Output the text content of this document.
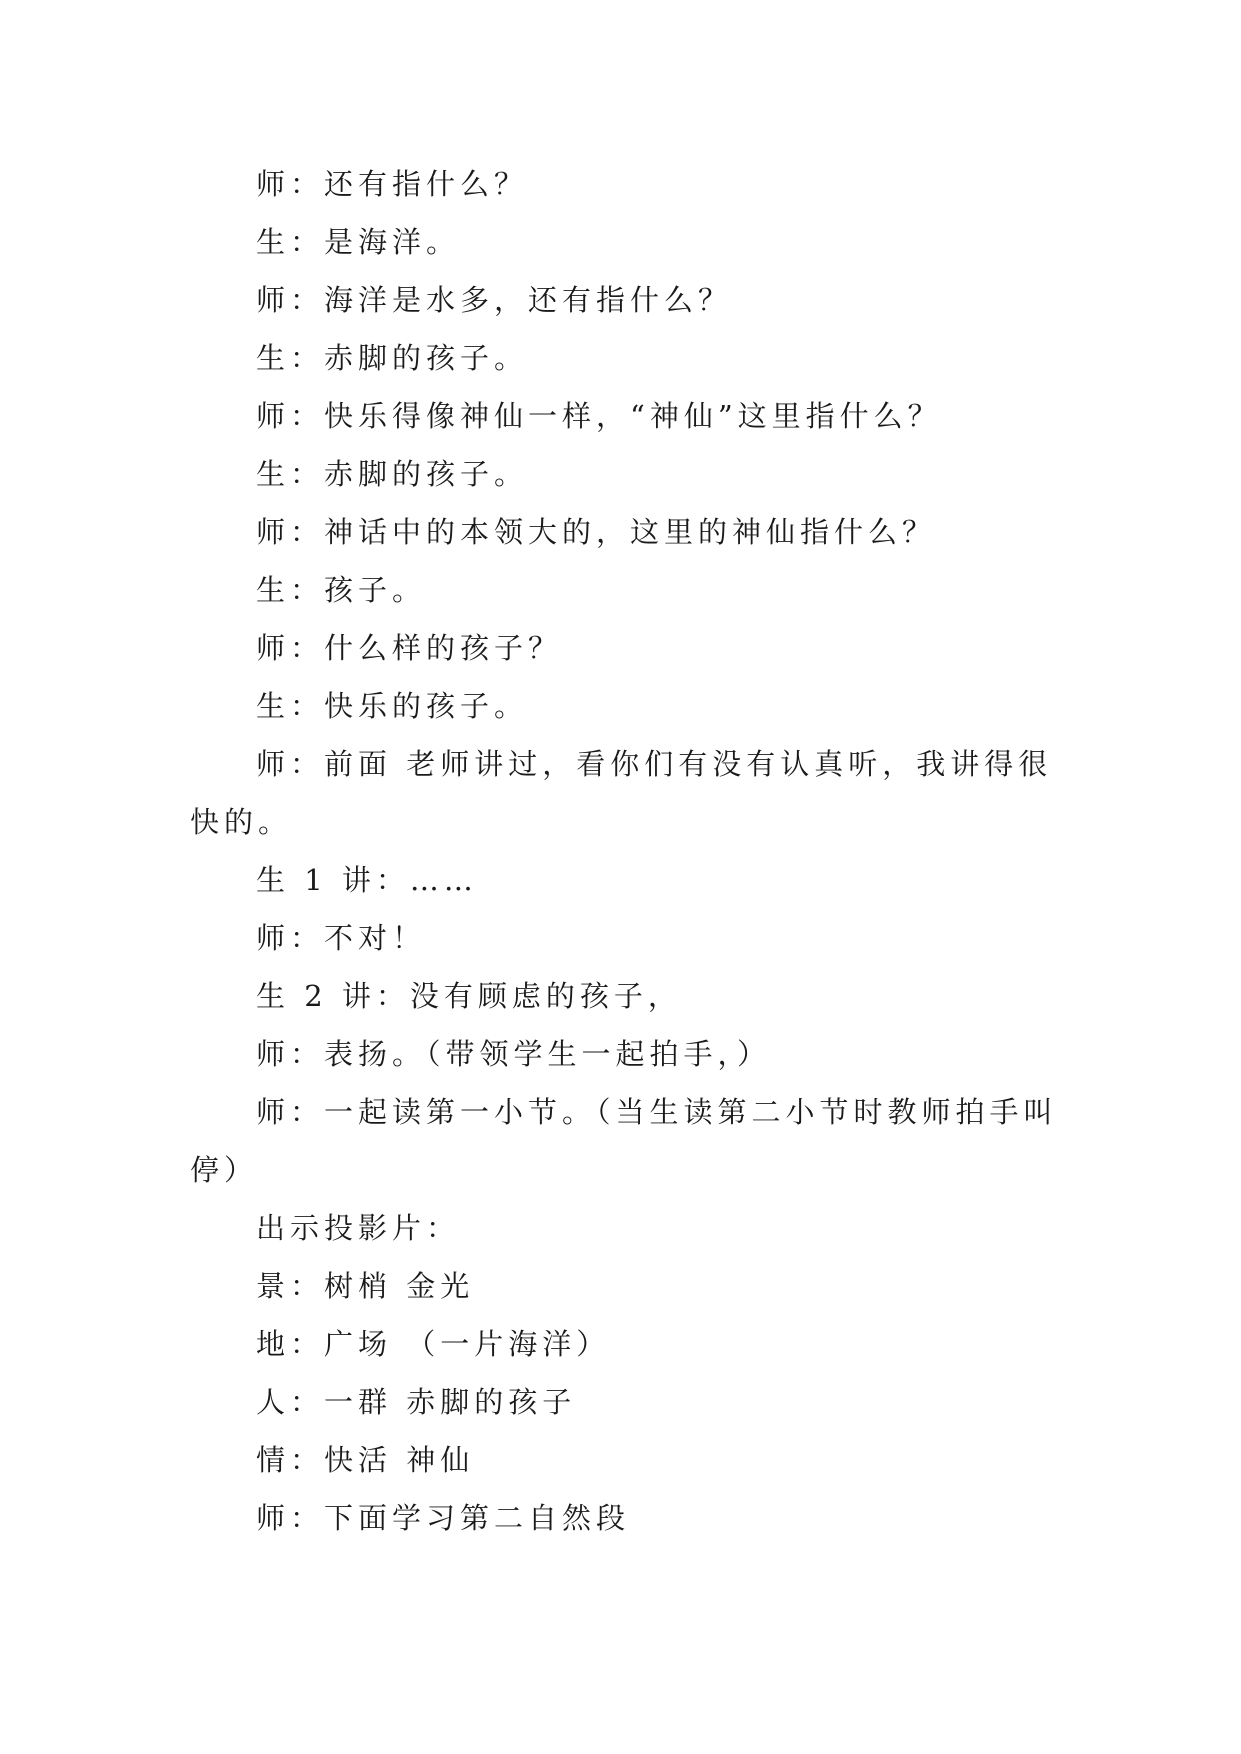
师：还有指什么？

生：是海洋。

师：海洋是水多，还有指什么？

生：赤脚的孩子。

师：快乐得像神仙一样，“神仙”这里指什么？

生：赤脚的孩子。

师：神话中的本领大的，这里的神仙指什么？

生：孩子。

师：什么样的孩子？

生：快乐的孩子。

师：前面 老师讲过，看你们有没有认真听，我讲得很快的。

生 1 讲：……

师：不对！

生 2 讲：没有顾虑的孩子，

师：表扬。（带领学生一起拍手，）

师：一起读第一小节。（当生读第二小节时教师拍手叫停）

出示投影片：

景：树梢 金光

地：广场 （一片海洋）

人：一群 赤脚的孩子

情：快活 神仙

师：下面学习第二自然段
